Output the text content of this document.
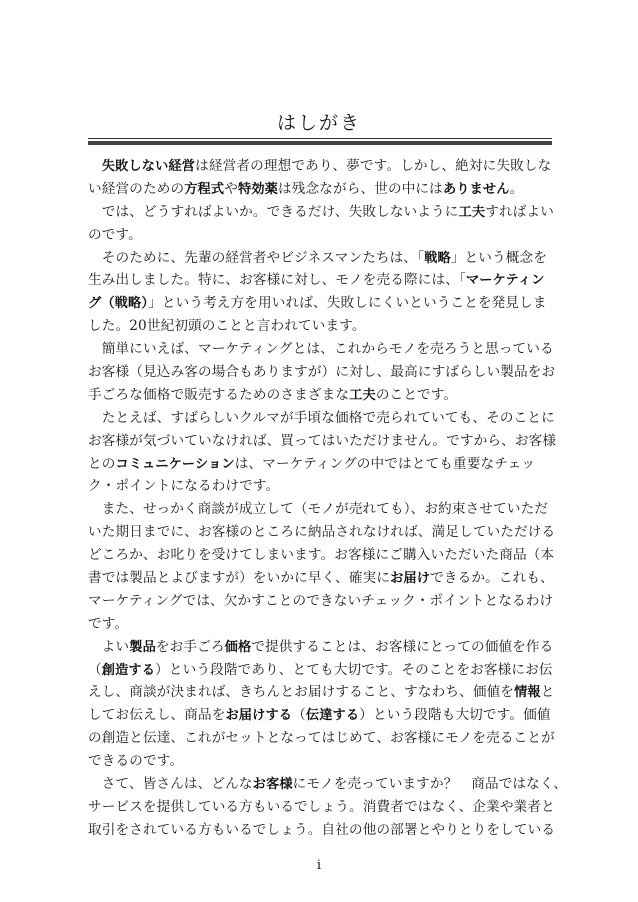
はしがき
　失敗しない経営は経営者の理想であり、夢です。しかし、絶対に失敗しな
い経営のための方程式や特効薬は残念ながら、世の中にはありません。
　では、どうすればよいか。できるだけ、失敗しないように工夫すればよい
のです。
　そのために、先輩の経営者やビジネスマンたちは、「戦略」という概念を
生み出しました。特に、お客様に対し、モノを売る際には、「マーケティン
グ（戦略）」という考え方を用いれば、失敗しにくいということを発見しま
した。20世紀初頭のことと言われています。
　簡単にいえば、マーケティングとは、これからモノを売ろうと思っている
お客様（見込み客の場合もありますが）に対し、最高にすばらしい製品をお
手ごろな価格で販売するためのさまざまな工夫のことです。
　たとえば、すばらしいクルマが手頃な価格で売られていても、そのことに
お客様が気づいていなければ、買ってはいただけません。ですから、お客様
とのコミュニケーションは、マーケティングの中ではとても重要なチェッ
ク・ポイントになるわけです。
　また、せっかく商談が成立して（モノが売れても）、お約束させていただ
いた期日までに、お客様のところに納品されなければ、満足していただける
どころか、お叱りを受けてしまいます。お客様にご購入いただいた商品（本
書では製品とよびますが）をいかに早く、確実にお届けできるか。これも、
マーケティングでは、欠かすことのできないチェック・ポイントとなるわけ
です。
　よい製品をお手ごろ価格で提供することは、お客様にとっての価値を作る
（創造する）という段階であり、とても大切です。そのことをお客様にお伝
えし、商談が決まれば、きちんとお届けすること、すなわち、価値を情報と
してお伝えし、商品をお届けする（伝達する）という段階も大切です。価値
の創造と伝達、これがセットとなってはじめて、お客様にモノを売ることが
できるのです。
　さて、皆さんは、どんなお客様にモノを売っていますか？　商品ではなく、
サービスを提供している方もいるでしょう。消費者ではなく、企業や業者と
取引をされている方もいるでしょう。自社の他の部署とやりとりをしている
i
